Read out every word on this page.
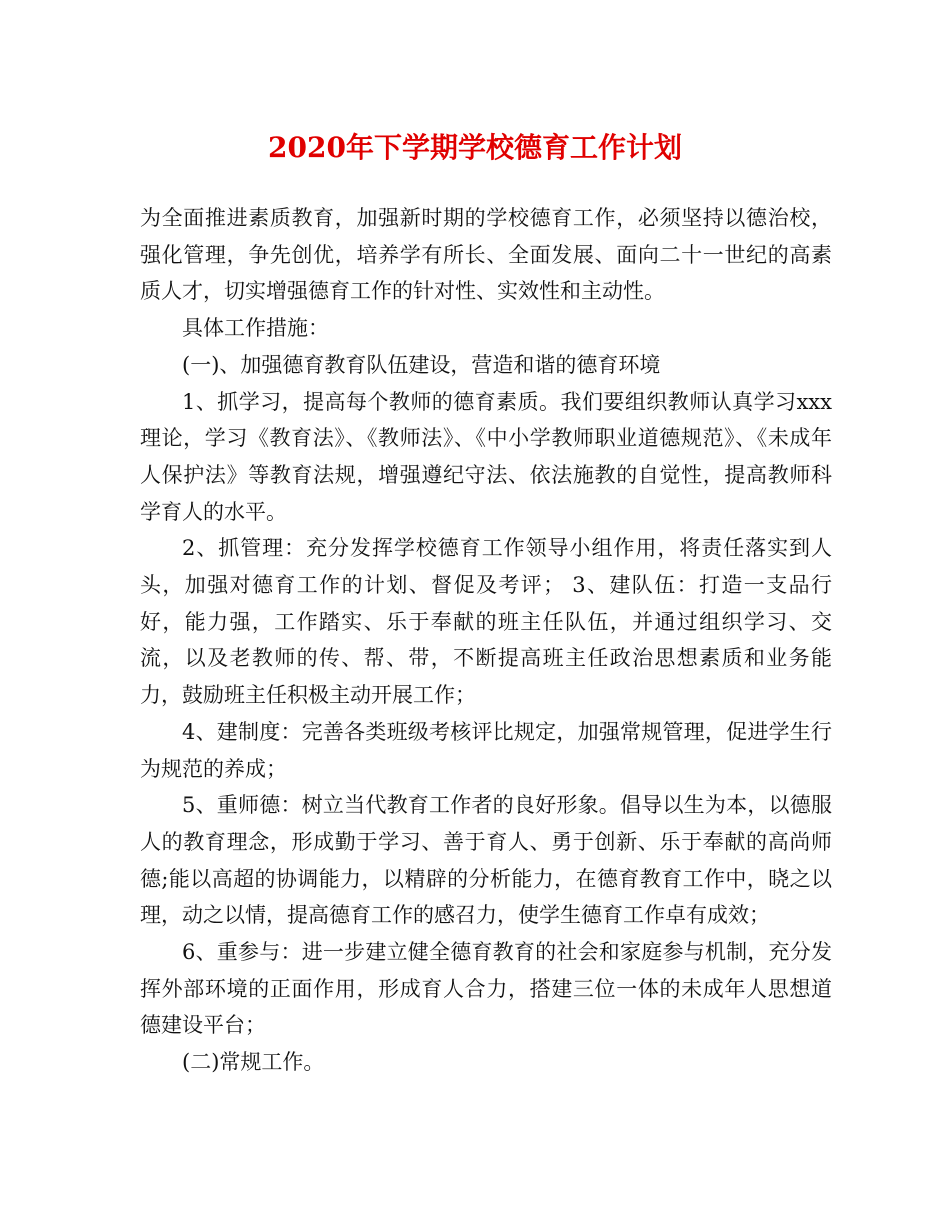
2020年下学期学校德育工作计划

为全面推进素质教育，加强新时期的学校德育工作，必须坚持以德治校，强化管理，争先创优，培养学有所长、全面发展、面向二十一世纪的高素质人才，切实增强德育工作的针对性、实效性和主动性。

具体工作措施：

(一)、加强德育教育队伍建设，营造和谐的德育环境

1、抓学习，提高每个教师的德育素质。我们要组织教师认真学习xxx理论，学习《教育法》、《教师法》、《中小学教师职业道德规范》、《未成年人保护法》等教育法规，增强遵纪守法、依法施教的自觉性，提高教师科学育人的水平。

2、抓管理：充分发挥学校德育工作领导小组作用，将责任落实到人头，加强对德育工作的计划、督促及考评； 3、建队伍：打造一支品行好，能力强，工作踏实、乐于奉献的班主任队伍，并通过组织学习、交流，以及老教师的传、帮、带，不断提高班主任政治思想素质和业务能力，鼓励班主任积极主动开展工作；

4、建制度：完善各类班级考核评比规定，加强常规管理，促进学生行为规范的养成；

5、重师德：树立当代教育工作者的良好形象。倡导以生为本，以德服人的教育理念，形成勤于学习、善于育人、勇于创新、乐于奉献的高尚师德;能以高超的协调能力，以精辟的分析能力，在德育教育工作中，晓之以理，动之以情，提高德育工作的感召力，使学生德育工作卓有成效；

6、重参与：进一步建立健全德育教育的社会和家庭参与机制，充分发挥外部环境的正面作用，形成育人合力，搭建三位一体的未成年人思想道德建设平台；

(二)常规工作。
